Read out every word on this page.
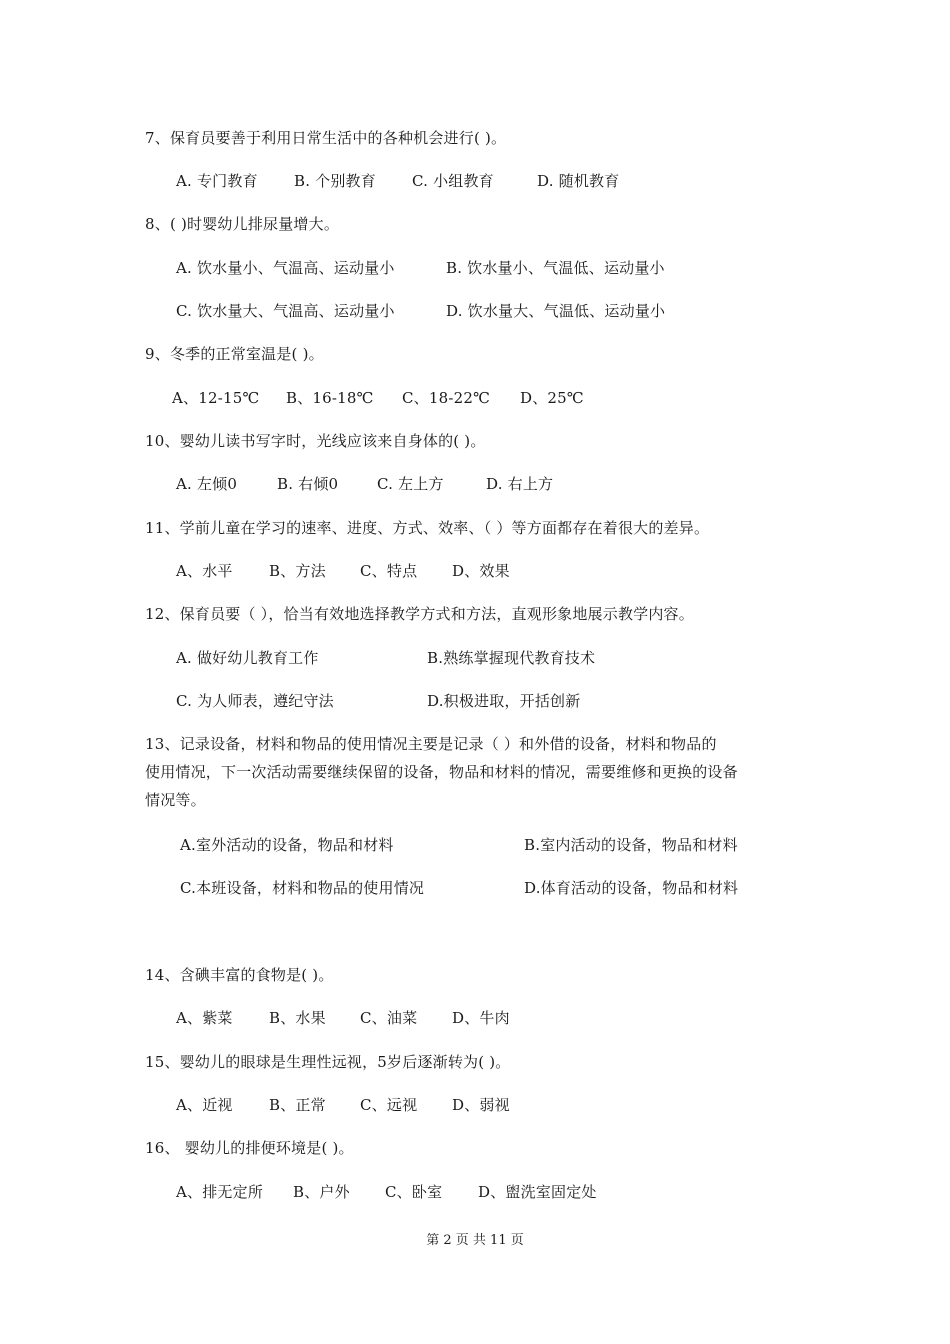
7、保育员要善于利用日常生活中的各种机会进行( )。
A. 专门教育 B. 个别教育 C. 小组教育	D. 随机教育
8、( )时婴幼儿排尿量增大。
A. 饮水量小、气温高、运动量小	B. 饮水量小、气温低、运动量小
C. 饮水量大、气温高、运动量小	D. 饮水量大、气温低、运动量小
9、冬季的正常室温是( )。
A、12-15℃ B、16-18℃ C、18-22℃ D、25℃
10、婴幼儿读书写字时，光线应该来自身体的( )。
A. 左倾0	B. 右倾0	C. 左上方	D. 右上方
11、学前儿童在学习的速率、进度、方式、效率、（ ）等方面都存在着很大的差异。
A、水平 B、方法 C、特点 D、效果
12、保育员要（ ），恰当有效地选择教学方式和方法，直观形象地展示教学内容。
A. 做好幼儿教育工作	B.熟练掌握现代教育技术
C. 为人师表，遵纪守法	D.积极进取，开括创新
13、记录设备，材料和物品的使用情况主要是记录（ ）和外借的设备，材料和物品的
使用情况，下一次活动需要继续保留的设备，物品和材料的情况，需要维修和更换的设备
情况等。
A.室外活动的设备，物品和材料	B.室内活动的设备，物品和材料
C.本班设备，材料和物品的使用情况	D.体育活动的设备，物品和材料
14、含碘丰富的食物是( )。
A、紫菜 B、水果 C、油菜 D、牛肉
15、婴幼儿的眼球是生理性远视，5岁后逐渐转为( )。
A、近视 B、正常 C、远视 D、弱视
16、 婴幼儿的排便环境是( )。
A、排无定所 B、户外 C、卧室 D、盥洗室固定处
第 2 页 共 11 页
